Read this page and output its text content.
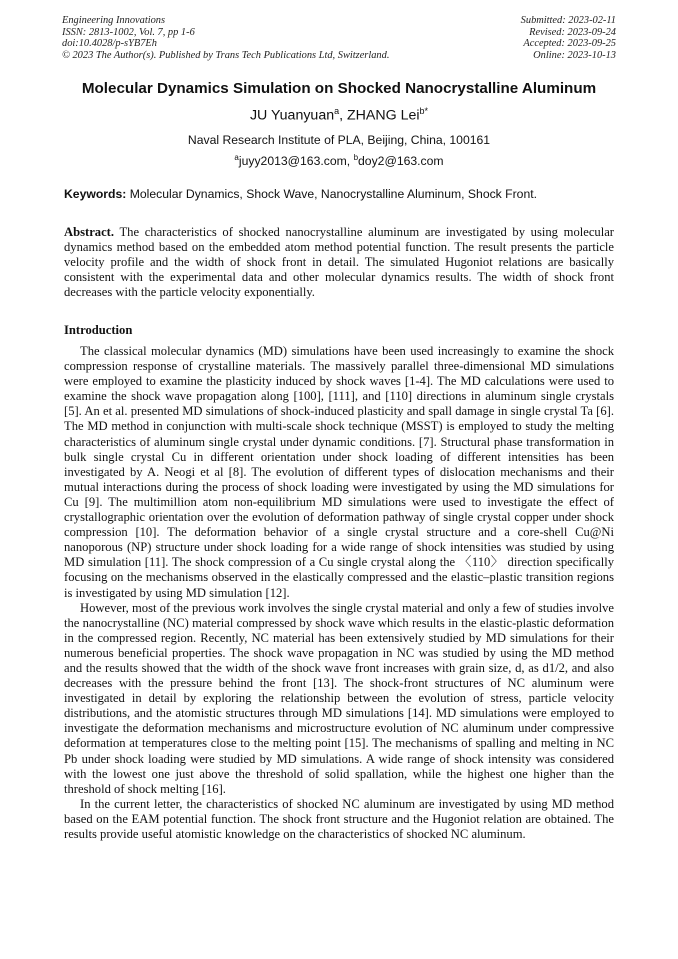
Engineering Innovations
ISSN: 2813-1002, Vol. 7, pp 1-6
doi:10.4028/p-sYB7Eh
© 2023 The Author(s). Published by Trans Tech Publications Ltd, Switzerland.
Submitted: 2023-02-11
Revised: 2023-09-24
Accepted: 2023-09-25
Online: 2023-10-13
Molecular Dynamics Simulation on Shocked Nanocrystalline Aluminum
JU Yuanyuan$^a$, ZHANG Lei$^{b*}$
Naval Research Institute of PLA, Beijing, China, 100161
$^a$juyy2013@163.com, $^b$doy2@163.com
Keywords: Molecular Dynamics, Shock Wave, Nanocrystalline Aluminum, Shock Front.
Abstract. The characteristics of shocked nanocrystalline aluminum are investigated by using molecular dynamics method based on the embedded atom method potential function. The result presents the particle velocity profile and the width of shock front in detail. The simulated Hugoniot relations are basically consistent with the experimental data and other molecular dynamics results. The width of shock front decreases with the particle velocity exponentially.
Introduction

The classical molecular dynamics (MD) simulations have been used increasingly to examine the shock compression response of crystalline materials. The massively parallel three-dimensional MD simulations were employed to examine the plasticity induced by shock waves [1-4]. The MD calculations were used to examine the shock wave propagation along [100], [111], and [110] directions in aluminum single crystals [5]. An et al. presented MD simulations of shock-induced plasticity and spall damage in single crystal Ta [6]. The MD method in conjunction with multi-scale shock technique (MSST) is employed to study the melting characteristics of aluminum single crystal under dynamic conditions. [7]. Structural phase transformation in bulk single crystal Cu in different orientation under shock loading of different intensities has been investigated by A. Neogi et al [8]. The evolution of different types of dislocation mechanisms and their mutual interactions during the process of shock loading were investigated by using the MD simulations for Cu [9]. The multimillion atom non-equilibrium MD simulations were used to investigate the effect of crystallographic orientation over the evolution of deformation pathway of single crystal copper under shock compression [10]. The deformation behavior of a single crystal structure and a core-shell Cu@Ni nanoporous (NP) structure under shock loading for a wide range of shock intensities was studied by using MD simulation [11]. The shock compression of a Cu single crystal along the 〈110〉 direction specifically focusing on the mechanisms observed in the elastically compressed and the elastic–plastic transition regions is investigated by using MD simulation [12].

However, most of the previous work involves the single crystal material and only a few of studies involve the nanocrystalline (NC) material compressed by shock wave which results in the elastic-plastic deformation in the compressed region. Recently, NC material has been extensively studied by MD simulations for their numerous beneficial properties. The shock wave propagation in NC was studied by using the MD method and the results showed that the width of the shock wave front increases with grain size, d, as d1/2, and also decreases with the pressure behind the front [13]. The shock-front structures of NC aluminum were investigated in detail by exploring the relationship between the evolution of stress, particle velocity distributions, and the atomistic structures through MD simulations [14]. MD simulations were employed to investigate the deformation mechanisms and microstructure evolution of NC aluminum under compressive deformation at temperatures close to the melting point [15]. The mechanisms of spalling and melting in NC Pb under shock loading were studied by MD simulations. A wide range of shock intensity was considered with the lowest one just above the threshold of solid spallation, while the highest one higher than the threshold of shock melting [16].

In the current letter, the characteristics of shocked NC aluminum are investigated by using MD method based on the EAM potential function. The shock front structure and the Hugoniot relation are obtained. The results provide useful atomistic knowledge on the characteristics of shocked NC aluminum.
